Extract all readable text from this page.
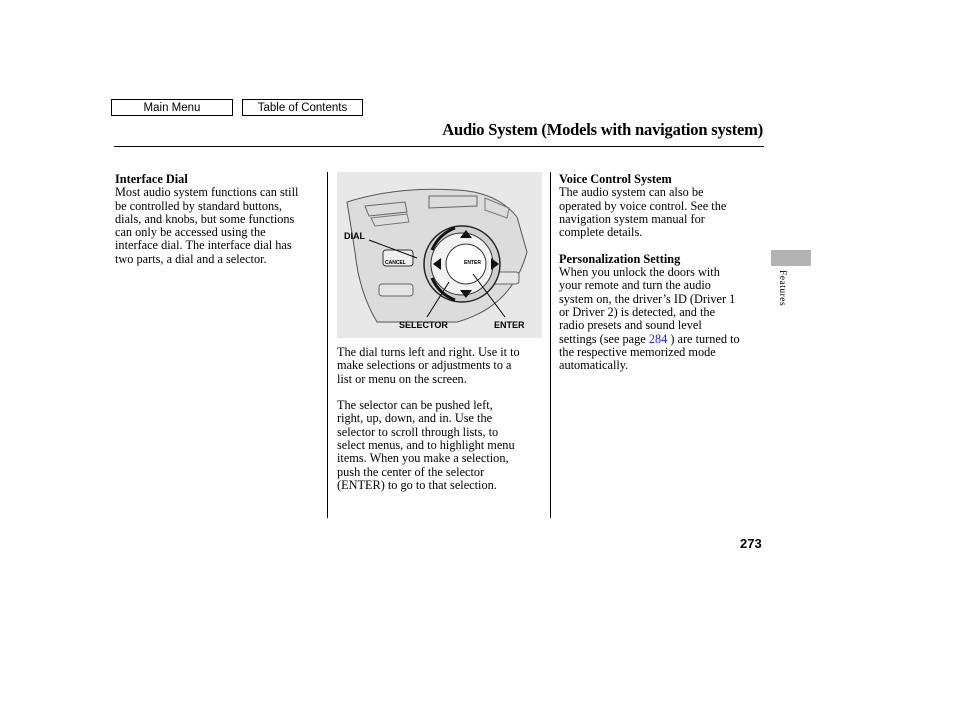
Main Menu	Table of Contents
Audio System (Models with navigation system)

Interface Dial

Most audio system functions can still

be controlled by standard buttons,

dials, and knobs, but some functions

can only be accessed using the

interface dial. The interface dial has

two parts, a dial and a selector.

DIAL
SELECTOR	ENTER
CANCEL	ENTER

The dial turns left and right. Use it to

make selections or adjustments to a

list or menu on the screen.

The selector can be pushed left,

right, up, down, and in. Use the

selector to scroll through lists, to

select menus, and to highlight menu

items. When you make a selection,

push the center of the selector

(ENTER) to go to that selection.

Voice Control System

The audio system can also be

operated by voice control. See the

navigation system manual for

complete details.

Personalization Setting

When you unlock the doors with

your remote and turn the audio

system on, the driver’s ID (Driver 1

or Driver 2) is detected, and the

radio presets and sound level

settings (see page 284 ) are turned to

the respective memorized mode

automatically.

Features
273
